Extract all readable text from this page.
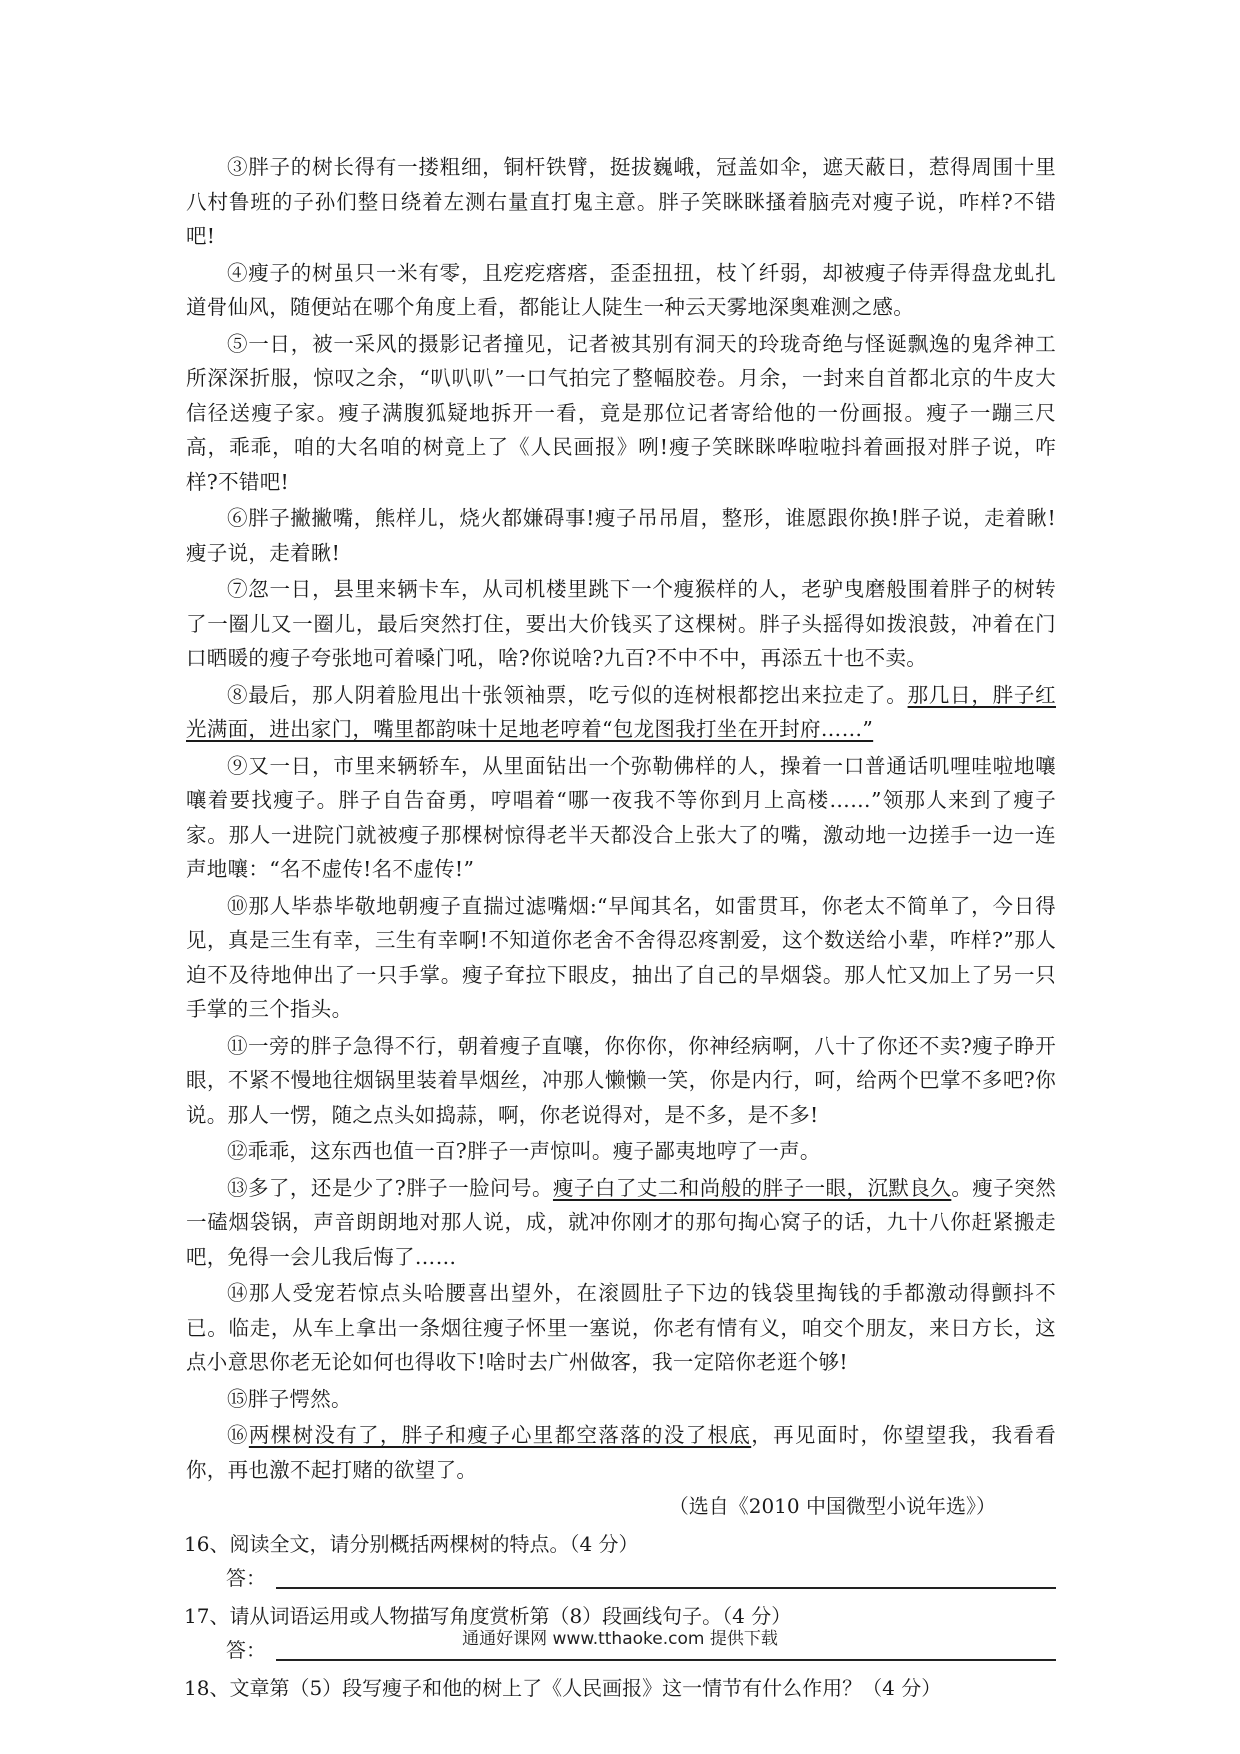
③胖子的树长得有一搂粗细，铜杆铁臂，挺拔巍峨，冠盖如伞，遮天蔽日，惹得周围十里八村鲁班的子孙们整日绕着左测右量直打鬼主意。胖子笑眯眯搔着脑壳对瘦子说，咋样?不错吧!

④瘦子的树虽只一米有零，且疙疙瘩瘩，歪歪扭扭，枝丫纤弱，却被瘦子侍弄得盘龙虬扎道骨仙风，随便站在哪个角度上看，都能让人陡生一种云天雾地深奥难测之感。

⑤一日，被一采风的摄影记者撞见，记者被其别有洞天的玲珑奇绝与怪诞飘逸的鬼斧神工所深深折服，惊叹之余，“叭叭叭”一口气拍完了整幅胶卷。月余，一封来自首都北京的牛皮大信径送瘦子家。瘦子满腹狐疑地拆开一看，竟是那位记者寄给他的一份画报。瘦子一蹦三尺高，乖乖，咱的大名咱的树竟上了《人民画报》咧!瘦子笑眯眯哗啦啦抖着画报对胖子说，咋样?不错吧!

⑥胖子撇撇嘴，熊样儿，烧火都嫌碍事!瘦子吊吊眉，整形，谁愿跟你换!胖子说，走着瞅!瘦子说，走着瞅!

⑦忽一日，县里来辆卡车，从司机楼里跳下一个瘦猴样的人，老驴曳磨般围着胖子的树转了一圈儿又一圈儿，最后突然打住，要出大价钱买了这棵树。胖子头摇得如拨浪鼓，冲着在门口晒暖的瘦子夸张地可着嗓门吼，啥?你说啥?九百?不中不中，再添五十也不卖。

⑧最后，那人阴着脸甩出十张领袖票，吃亏似的连树根都挖出来拉走了。那几日，胖子红光满面，进出家门，嘴里都韵味十足地老哼着“包龙图我打坐在开封府……”

⑨又一日，市里来辆轿车，从里面钻出一个弥勒佛样的人，操着一口普通话叽哩哇啦地嚷嚷着要找瘦子。胖子自告奋勇，哼唱着“哪一夜我不等你到月上高楼……”领那人来到了瘦子家。那人一进院门就被瘦子那棵树惊得老半天都没合上张大了的嘴，激动地一边搓手一边一连声地嚷：“名不虚传!名不虚传!”

⑩那人毕恭毕敬地朝瘦子直揣过滤嘴烟:“早闻其名，如雷贯耳，你老太不简单了，今日得见，真是三生有幸，三生有幸啊!不知道你老舍不舍得忍疼割爱，这个数送给小辈，咋样?”那人迫不及待地伸出了一只手掌。瘦子耷拉下眼皮，抽出了自己的旱烟袋。那人忙又加上了另一只手掌的三个指头。

⑪一旁的胖子急得不行，朝着瘦子直嚷，你你你，你神经病啊，八十了你还不卖?瘦子睁开眼，不紧不慢地往烟锅里装着旱烟丝，冲那人懒懒一笑，你是内行，呵，给两个巴掌不多吧?你说。那人一愣，随之点头如捣蒜，啊，你老说得对，是不多，是不多!

⑫乖乖，这东西也值一百?胖子一声惊叫。瘦子鄙夷地哼了一声。

⑬多了，还是少了?胖子一脸问号。瘦子白了丈二和尚般的胖子一眼，沉默良久。瘦子突然一磕烟袋锅，声音朗朗地对那人说，成，就冲你刚才的那句掏心窝子的话，九十八你赶紧搬走吧，免得一会儿我后悔了……

⑭那人受宠若惊点头哈腰喜出望外，在滚圆肚子下边的钱袋里掏钱的手都激动得颤抖不已。临走，从车上拿出一条烟往瘦子怀里一塞说，你老有情有义，咱交个朋友，来日方长，这点小意思你老无论如何也得收下!啥时去广州做客，我一定陪你老逛个够!

⑮胖子愕然。

⑯两棵树没有了，胖子和瘦子心里都空落落的没了根底，再见面时，你望望我，我看看你，再也激不起打赌的欲望了。

（选自《2010 中国微型小说年选》）

16、阅读全文，请分别概括两棵树的特点。（4 分）

答：

17、请从词语运用或人物描写角度赏析第（8）段画线句子。（4 分）

答：

18、文章第（5）段写瘦子和他的树上了《人民画报》这一情节有什么作用？（4 分）

通通好课网 www.tthaoke.com 提供下载
